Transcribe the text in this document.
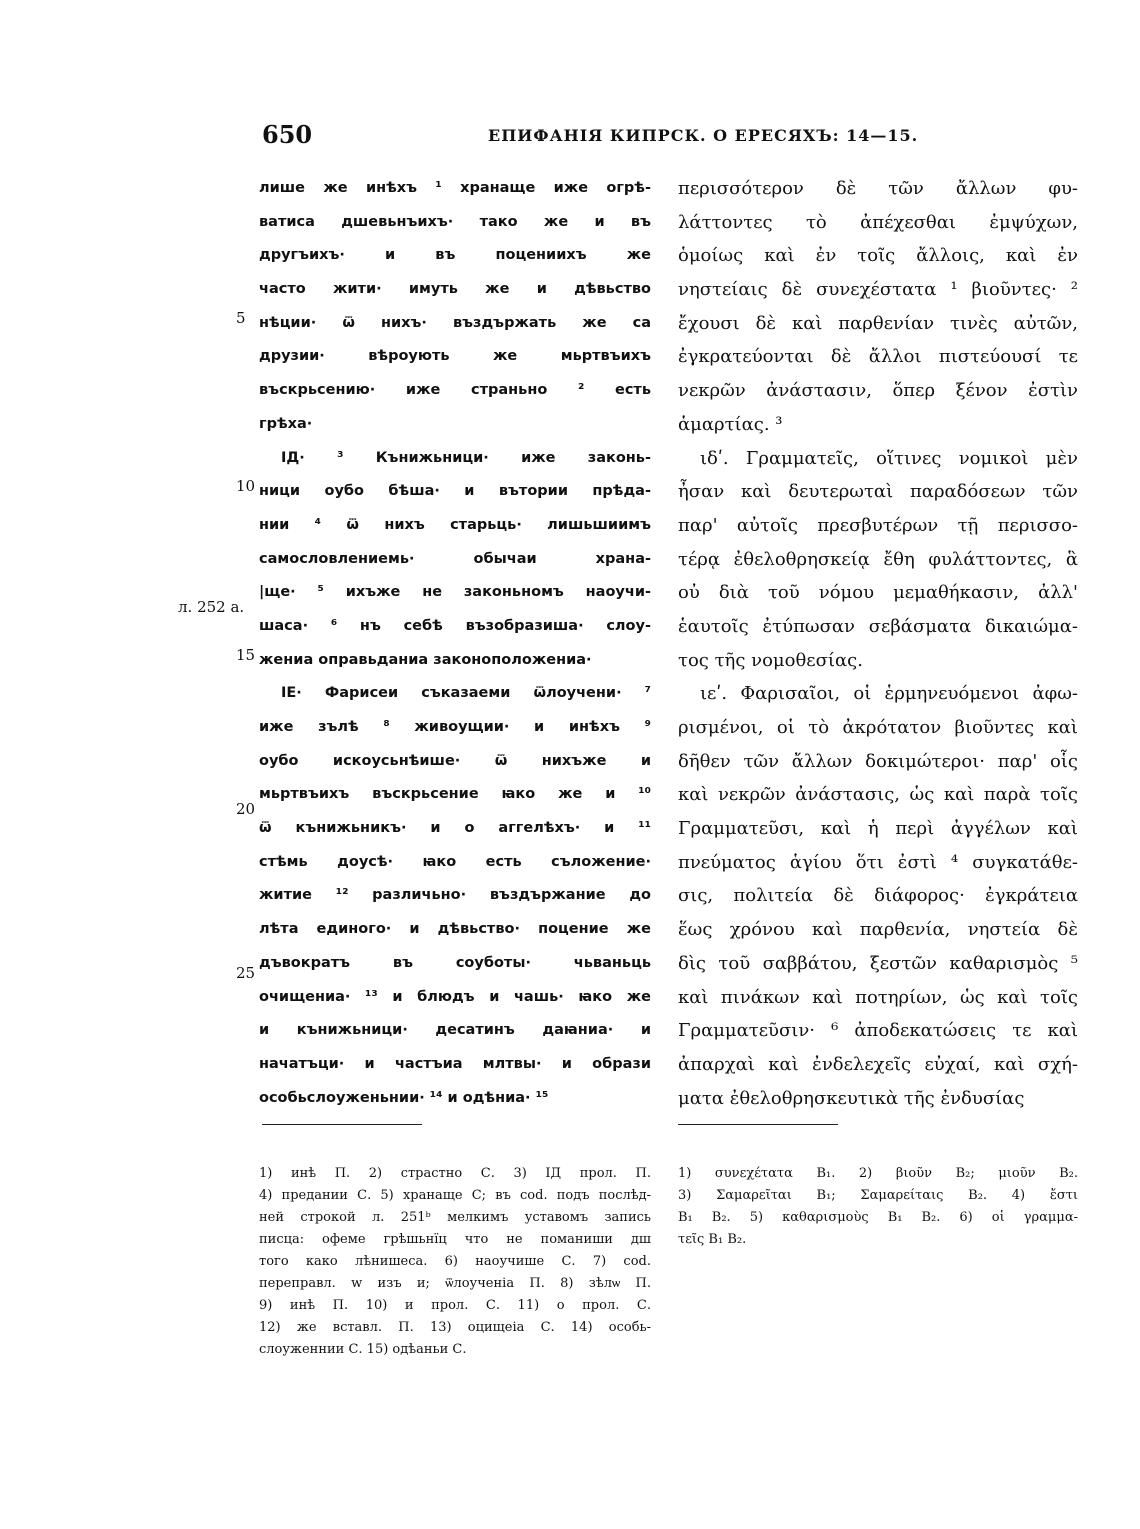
650	ЕПИФАНІЯ КИПРСК. О ЕРЕСЯХЪ: 14—15.
5
10
15
20
25
л. 252 а.
лише же инѣхъ ¹ хранаще иже огрѣ-
ватиса дшевьнъихъ· тако же и въ
другъихъ· и въ поцениихъ же
часто жити· имуть же и дѣвьство
нѣции· ѿ нихъ· въздържать же са
друзии· вѣроують же мьртвъихъ
въскрьсению· иже страньно ² есть
грѣха·
ІД· ³ Кънижьници· иже законь-
ници оубо бѣша· и вътории прѣда-
нии ⁴ ѿ нихъ старьць· лишьшиимъ
самословлениемь· обычаи храна-
|ще· ⁵ ихъже не законьномъ наоучи-
шаса· ⁶ нъ себѣ възобразиша· слоу-
жениа оправьданиа законоположениа·
ІЕ· Фарисеи съказаеми ѿлоучени· ⁷
иже зълѣ ⁸ живоущии· и инѣхъ ⁹
оубо искоусьнѣише· ѿ нихъже и
мьртвъихъ въскрьсение ꙗко же и ¹⁰
ѿ кънижьникъ· и о аггелѣхъ· и ¹¹
стѣмь доусѣ· ꙗко есть съложение·
житие ¹² различьно· въздържание до
лѣта единого· и дѣвьство· поцение же
дъвократъ въ соуботы· чьваньць
очищениа· ¹³ и блюдъ и чашь· ꙗко же
и кънижьници· десатинъ даꙗниа· и
начатъци· и частъиа млтвы· и образи
особьслоуженьнии· ¹⁴ и одѣниа· ¹⁵
περισσότερον δὲ τῶν ἄλλων φυ-
λάττοντες τὸ ἀπέχεσθαι ἐμψύχων,
ὁμοίως καὶ ἐν τοῖς ἄλλοις, καὶ ἐν
νηστείαις δὲ συνεχέστατα ¹ βιοῦντες· ²
ἔχουσι δὲ καὶ παρθενίαν τινὲς αὐτῶν,
ἐγκρατεύονται δὲ ἄλλοι πιστεύουσί τε
νεκρῶν ἀνάστασιν, ὅπερ ξένον ἐστὶν
ἁμαρτίας. ³
ιδʹ. Γραμματεῖς, οἵτινες νομικοὶ μὲν
ἦσαν καὶ δευτερωταὶ παραδόσεων τῶν
παρ' αὐτοῖς πρεσβυτέρων τῇ περισσο-
τέρᾳ ἐθελοθρησκείᾳ ἔθη φυλάττοντες, ἃ
οὐ διὰ τοῦ νόμου μεμαθήκασιν, ἀλλ'
ἑαυτοῖς ἐτύπωσαν σεβάσματα δικαιώμα-
τος τῆς νομοθεσίας.
ιεʹ. Φαρισαῖοι, οἱ ἑρμηνευόμενοι ἀφω-
ρισμένοι, οἱ τὸ ἀκρότατον βιοῦντες καὶ
δῆθεν τῶν ἄλλων δοκιμώτεροι· παρ' οἷς
καὶ νεκρῶν ἀνάστασις, ὡς καὶ παρὰ τοῖς
Γραμματεῦσι, καὶ ἡ περὶ ἀγγέλων καὶ
πνεύματος ἁγίου ὅτι ἐστὶ ⁴ συγκατάθε-
σις, πολιτεία δὲ διάφορος· ἐγκράτεια
ἕως χρόνου καὶ παρθενία, νηστεία δὲ
δὶς τοῦ σαββάτου, ξεστῶν καθαρισμὸς ⁵
καὶ πινάκων καὶ ποτηρίων, ὡς καὶ τοῖς
Γραμματεῦσιν· ⁶ ἀποδεκατώσεις τε καὶ
ἀπαρχαὶ καὶ ἐνδελεχεῖς εὐχαί, καὶ σχή-
ματα ἐθελοθρησκευτικὰ τῆς ἐνδυσίας
1) инѣ П. 2) страстно С. 3) ІД прол. П.
4) предании С. 5) хранаще С; въ cod. подъ послѣд-
ней строкой л. 251ᵇ мелкимъ уставомъ запись
писца: офеме грѣшьнїц что не поманиши дш
того како лѣнишеса. 6) наоучише С. 7) cod.
перепpавл. w изъ и; ѿлоученіа П. 8) зѣлѡ П.
9) инѣ П. 10) и прол. С. 11) о прол. С.
12) же вставл. П. 13) оцищеіа С. 14) особь-
слоуженнии С. 15) одѣаньи С.
1) συνεχέτατα B₁. 2) βιοῦν B₂; μιοῦν B₂.
3) Σαμαρεῖται B₁; Σαμαρείταις B₂. 4) ἔστι
B₁ B₂. 5) καθαρισμοὺς B₁ B₂. 6) οἱ γραμμα-
τεῖς B₁ B₂.
